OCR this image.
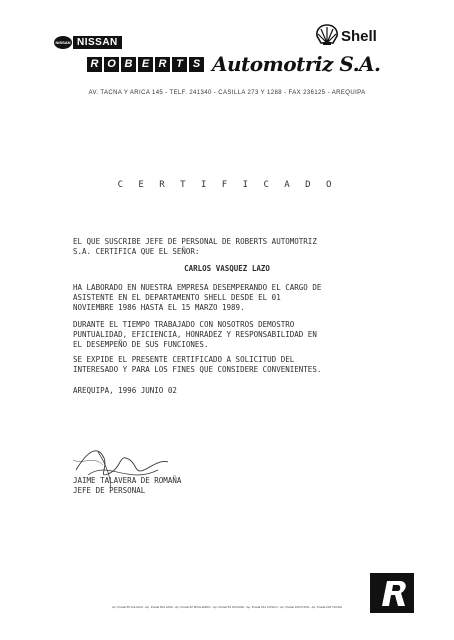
NISSAN NISSAN	Shell
R O B E R T S Automotriz S.A.
AV. TACNA Y ARICA 145 - TELF. 241340 - CASILLA 273 Y 1288 - FAX 236125 - AREQUIPA
C E R T I F I C A D O
EL QUE SUSCRIBE JEFE DE PERSONAL DE ROBERTS AUTOMOTRIZ
S.A. CERTIFICA QUE EL SEÑOR:
CARLOS VASQUEZ LAZO
HA LABORADO EN NUESTRA EMPRESA DESEMPERANDO EL CARGO DE
ASISTENTE EN EL DEPARTAMENTO SHELL DESDE EL 01
NOVIEMBRE 1986 HASTA EL 15 MARZO 1989.
DURANTE EL TIEMPO TRABAJADO CON NOSOTROS DEMOSTRO
PUNTUALIDAD, EFICIENCIA, HONRADEZ Y RESPONSABILIDAD EN
EL DESEMPEÑO DE SUS FUNCIONES.
SE EXPIDE EL PRESENTE CERTIFICADO A SOLICITUD DEL
INTERESADO Y PARA LOS FINES QUE CONSIDERE CONVENIENTES.
AREQUIPA, 1996 JUNIO 02
JAIME TALAVERA DE ROMAÑA
JEFE DE PERSONAL
Ap. Postal 65 JULIACA - Ap. Postal 604 LIMA - Ap. Postal 62 MOLLENDO - Ap. Postal 53 SICUANI - Ap. Postal 161 CUSCO - Ap. Postal 160 PUNO - Ap. Postal 232 TACNA
